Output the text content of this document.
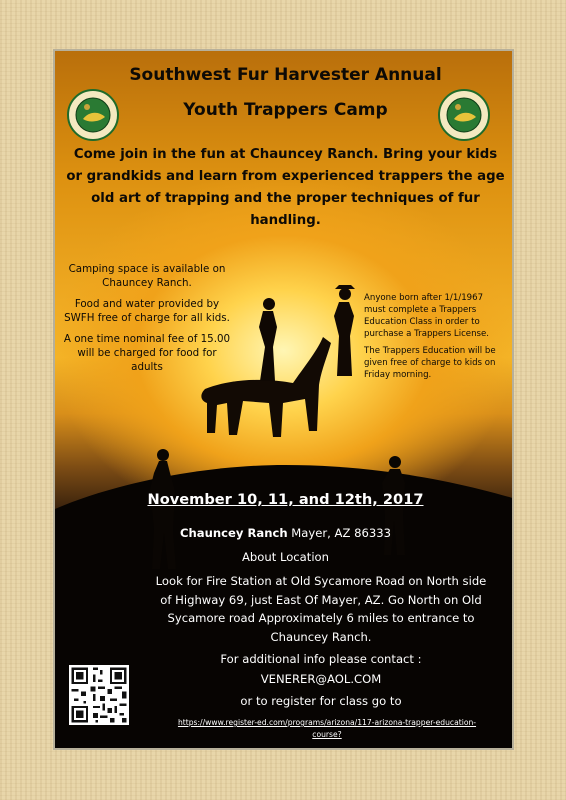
Southwest Fur Harvester Annual
Youth Trappers Camp
Come join in the fun at Chauncey Ranch. Bring your kids or grandkids and learn from experienced trappers the age old art of trapping and the proper techniques of fur handling.

Camping space is available on Chauncey Ranch.

Food and water provided by SWFH free of charge for all kids.

A one time nominal fee of 15.00 will be charged for food for adults

Anyone born after 1/1/1967 must complete a Trappers Education Class in order to purchase a Trappers License.

The Trappers Education will be given free of charge to kids on Friday morning.

November 10, 11, and 12th, 2017
Chauncey Ranch Mayer, AZ 86333
About Location
Look for Fire Station at Old Sycamore Road on North side of Highway 69, just East Of Mayer, AZ. Go North on Old Sycamore road Approximately 6 miles to entrance to Chauncey Ranch.
For additional info please contact :
VENERER@AOL.COM
or to register for class go to
https://www.register-ed.com/programs/arizona/117-arizona-trapper-education-course?
